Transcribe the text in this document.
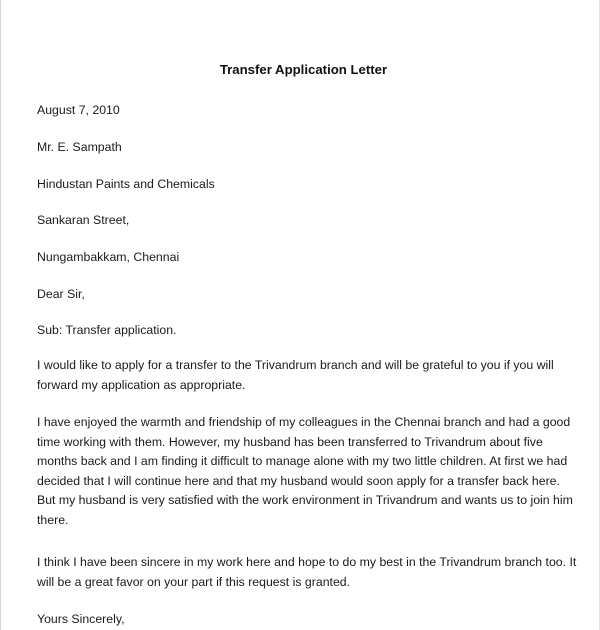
Transfer Application Letter
August 7, 2010
Mr. E. Sampath
Hindustan Paints and Chemicals
Sankaran Street,
Nungambakkam, Chennai
Dear Sir,
Sub: Transfer application.
I would like to apply for a transfer to the Trivandrum branch and will be grateful to you if you will
forward my application as appropriate.
I have enjoyed the warmth and friendship of my colleagues in the Chennai branch and had a good
time working with them. However, my husband has been transferred to Trivandrum about five
months back and I am finding it difficult to manage alone with my two little children. At first we had
decided that I will continue here and that my husband would soon apply for a transfer back here.
But my husband is very satisfied with the work environment in Trivandrum and wants us to join him
there.
I think I have been sincere in my work here and hope to do my best in the Trivandrum branch too. It
will be a great favor on your part if this request is granted.
Yours Sincerely,
